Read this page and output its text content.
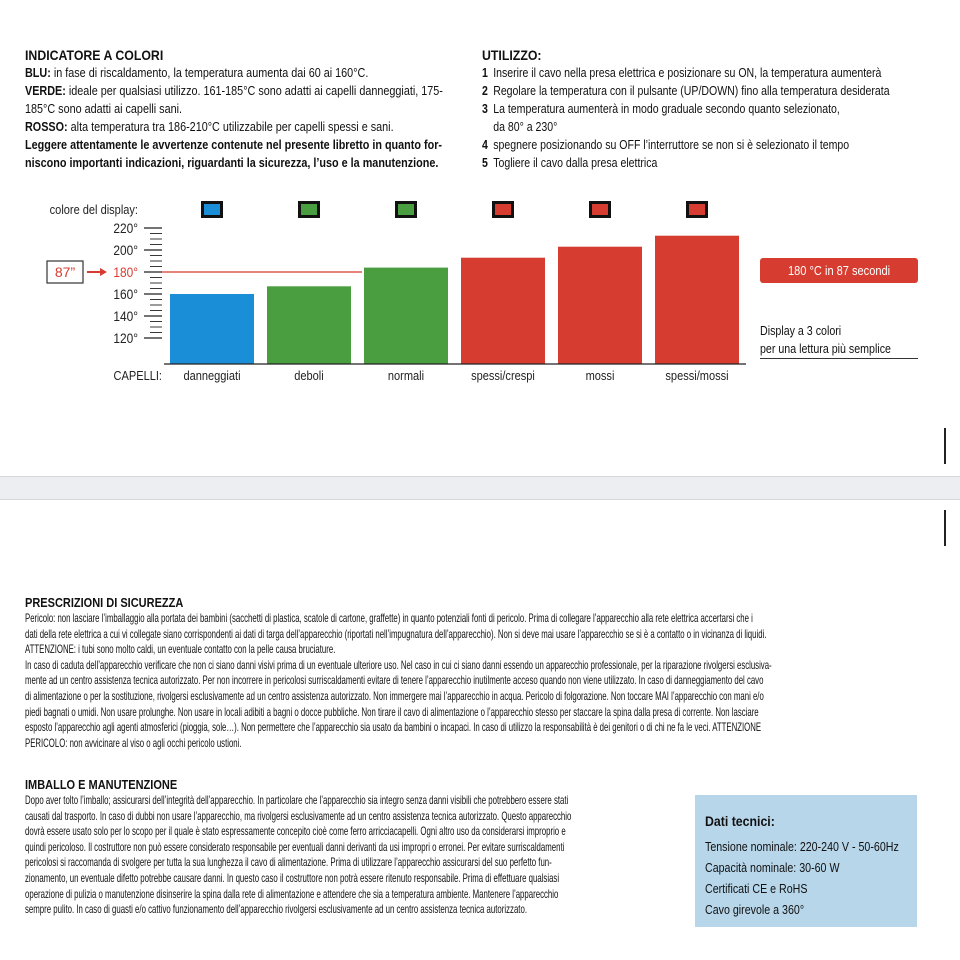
INDICATORE A COLORI
BLU: in fase di riscaldamento, la temperatura aumenta dai 60 ai 160°C.
VERDE: ideale per qualsiasi utilizzo. 161-185°C sono adatti ai capelli danneggiati, 175-
185°C sono adatti ai capelli sani.
ROSSO: alta temperatura tra 186-210°C utilizzabile per capelli spessi e sani.
Leggere attentamente le avvertenze contenute nel presente libretto in quanto for-
niscono importanti indicazioni, riguardanti la sicurezza, l’uso e la manutenzione.
UTILIZZO:
1 Inserire il cavo nella presa elettrica e posizionare su ON, la temperatura aumenterà
2 Regolare la temperatura con il pulsante (UP/DOWN) fino alla temperatura desiderata
3 La temperatura aumenterà in modo graduale secondo quanto selezionato,
da 80° a 230°
4 spegnere posizionando su OFF l’interruttore se non si è selezionato il tempo
5 Togliere il cavo dalla presa elettrica
colore del display:
danneggiati	deboli	normali	spessi/crespi	mossi	spessi/mossi
CAPELLI:
220°
200°
180°
160°
140°
120°
87”	180 °C in 87 secondi
Display a 3 colori
per una lettura più semplice
PRESCRIZIONI DI SICUREZZA
Pericolo: non lasciare l’imballaggio alla portata dei bambini (sacchetti di plastica, scatole di cartone, graffette) in quanto potenziali fonti di pericolo. Prima di collegare l’apparecchio alla rete elettrica accertarsi che i
dati della rete elettrica a cui vi collegate siano corrispondenti ai dati di targa dell’apparecchio (riportati nell’impugnatura dell’apparecchio). Non si deve mai usare l’apparecchio se si è a contatto o in vicinanza di liquidi.
ATTENZIONE: i tubi sono molto caldi, un eventuale contatto con la pelle causa bruciature.
In caso di caduta dell’apparecchio verificare che non ci siano danni visivi prima di un eventuale ulteriore uso. Nel caso in cui ci siano danni essendo un apparecchio professionale, per la riparazione rivolgersi esclusiva-
mente ad un centro assistenza tecnica autorizzato. Per non incorrere in pericolosi surriscaldamenti evitare di tenere l’apparecchio inutilmente acceso quando non viene utilizzato. In caso di danneggiamento del cavo
di alimentazione o per la sostituzione, rivolgersi esclusivamente ad un centro assistenza autorizzato. Non immergere mai l’apparecchio in acqua. Pericolo di folgorazione. Non toccare MAI l’apparecchio con mani e/o
piedi bagnati o umidi. Non usare prolunghe. Non usare in locali adibiti a bagni o docce pubbliche. Non tirare il cavo di alimentazione o l’apparecchio stesso per staccare la spina dalla presa di corrente. Non lasciare
esposto l’apparecchio agli agenti atmosferici (pioggia, sole…). Non permettere che l’apparecchio sia usato da bambini o incapaci. In caso di utilizzo la responsabilità è dei genitori o di chi ne fa le veci. ATTENZIONE
PERICOLO: non avvicinare al viso o agli occhi pericolo ustioni.
IMBALLO E MANUTENZIONE
Dopo aver tolto l’imballo; assicurarsi dell’integrità dell’apparecchio. In particolare che l’apparecchio sia integro senza danni visibili che potrebbero essere stati
causati dal trasporto. In caso di dubbi non usare l’apparecchio, ma rivolgersi esclusivamente ad un centro assistenza tecnica autorizzato. Questo apparecchio
dovrà essere usato solo per lo scopo per il quale è stato espressamente concepito cioè come ferro arricciacapelli. Ogni altro uso da considerarsi improprio e
quindi pericoloso. Il costruttore non può essere considerato responsabile per eventuali danni derivanti da usi impropri o erronei. Per evitare surriscaldamenti
pericolosi si raccomanda di svolgere per tutta la sua lunghezza il cavo di alimentazione. Prima di utilizzare l’apparecchio assicurarsi del suo perfetto fun-
zionamento, un eventuale difetto potrebbe causare danni. In questo caso il costruttore non potrà essere ritenuto responsabile. Prima di effettuare qualsiasi
operazione di pulizia o manutenzione disinserire la spina dalla rete di alimentazione e attendere che sia a temperatura ambiente. Mantenere l’apparecchio
sempre pulito. In caso di guasti e/o cattivo funzionamento dell’apparecchio rivolgersi esclusivamente ad un centro assistenza tecnica autorizzato.
Dati tecnici:
Tensione nominale: 220-240 V - 50-60Hz
Capacità nominale: 30-60 W
Certificati CE e RoHS
Cavo girevole a 360°
